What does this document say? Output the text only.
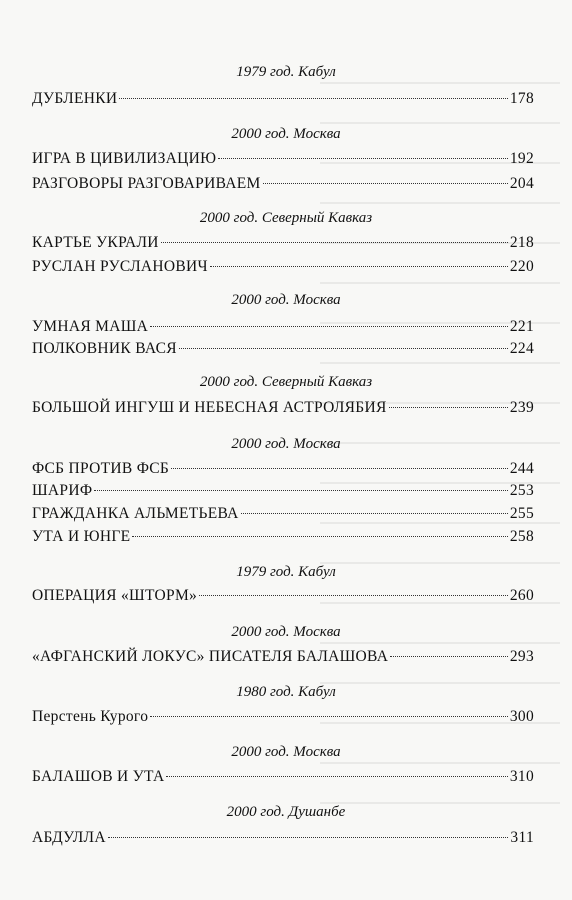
1979 год. Кабул
ДУБЛЕНКИ	178
2000 год. Москва
ИГРА В ЦИВИЛИЗАЦИЮ	192
РАЗГОВОРЫ РАЗГОВАРИВАЕМ	204
2000 год. Северный Кавказ
КАРТЬЕ УКРАЛИ	218
РУСЛАН РУСЛАНОВИЧ	220
2000 год. Москва
УМНАЯ МАША	221
ПОЛКОВНИК ВАСЯ	224
2000 год. Северный Кавказ
БОЛЬШОЙ ИНГУШ И НЕБЕСНАЯ АСТРОЛЯБИЯ	239
2000 год. Москва
ФСБ ПРОТИВ ФСБ	244
ШАРИФ	253
ГРАЖДАНКА АЛЬМЕТЬЕВА	255
УТА И ЮНГЕ	258
1979 год. Кабул
ОПЕРАЦИЯ «ШТОРМ»	260
2000 год. Москва
«АФГАНСКИЙ ЛОКУС» ПИСАТЕЛЯ БАЛАШОВА	293
1980 год. Кабул
Перстень Курого	300
2000 год. Москва
БАЛАШОВ И УТА	310
2000 год. Душанбе
АБДУЛЛА	311
